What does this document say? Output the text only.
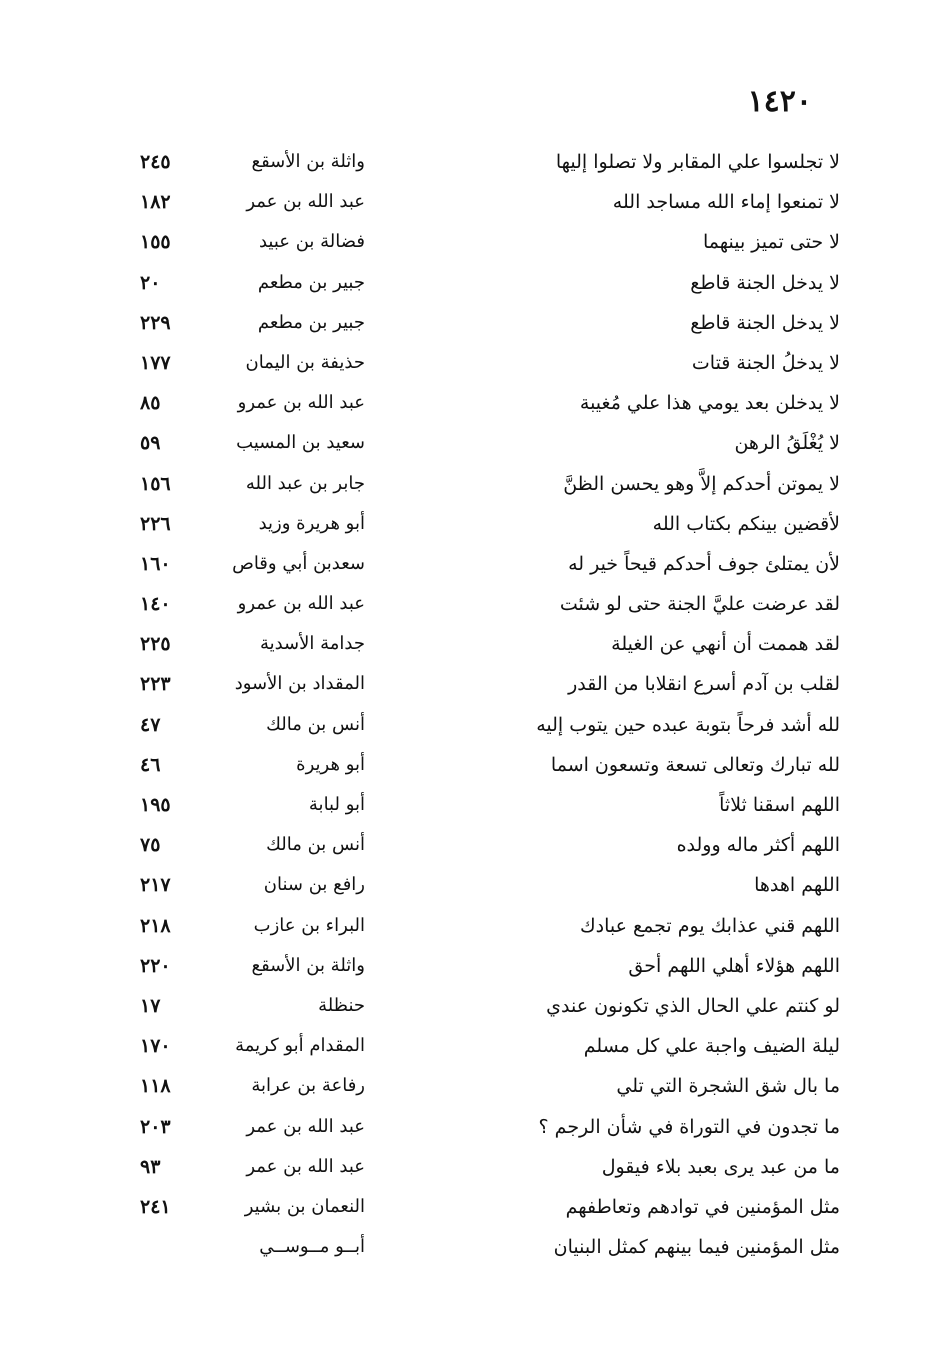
١٤٢٠
لا تجلسوا علي المقابر ولا تصلوا إليها
واثلة بن الأسقع
٢٤٥
لا تمنعوا إماء الله مساجد الله
عبد الله بن عمر
١٨٢
لا حتى تميز بينهما
فضالة بن عبيد
١٥٥
لا يدخل الجنة قاطع
جبير بن مطعم
٢٠
لا يدخل الجنة قاطع
جبير بن مطعم
٢٢٩
لا يدخلُ الجنة قتات
حذيفة بن اليمان
١٧٧
لا يدخلن بعد يومي هذا علي مُغيبة
عبد الله بن عمرو
٨٥
لا يُغْلَقُ الرهن
سعيد بن المسيب
٥٩
لا يموتن أحدكم إلاَّ وهو يحسن الظنَّ
جابر بن عبد الله
١٥٦
لأقضين بينكم بكتاب الله
أبو هريرة وزيد
٢٢٦
لأن يمتلئ جوف أحدكم قيحاً خير له
سعدبن أبي وقاص
١٦٠
لقد عرضت عليَّ الجنة حتى لو شئت
عبد الله بن عمرو
١٤٠
لقد هممت أن أنهي عن الغيلة
جدامة الأسدية
٢٢٥
لقلب بن آدم أسرع انقلابا من القدر
المقداد بن الأسود
٢٢٣
لله أشد فرحاً بتوبة عبده حين يتوب إليه
أنس بن مالك
٤٧
لله تبارك وتعالى تسعة وتسعون اسما
أبو هريرة
٤٦
اللهم اسقنا ثلاثاً
أبو لبابة
١٩٥
اللهم أكثر ماله وولده
أنس بن مالك
٧٥
اللهم اهدها
رافع بن سنان
٢١٧
اللهم قني عذابك يوم تجمع عبادك
البراء بن عازب
٢١٨
اللهم هؤلاء أهلي اللهم أحق
واثلة بن الأسقع
٢٢٠
لو كنتم علي الحال الذي تكونون عندي
حنظلة
١٧
ليلة الضيف واجبة علي كل مسلم
المقدام أبو كريمة
١٧٠
ما بال شق الشجرة التي تلي
رفاعة بن عرابة
١١٨
ما تجدون في التوراة في شأن الرجم ؟
عبد الله بن عمر
٢٠٣
ما من عبد يرى بعبد بلاء فيقول
عبد الله بن عمر
٩٣
مثل المؤمنين في توادهم وتعاطفهم
النعمان بن بشير
٢٤١
مثل المؤمنين فيما بينهم كمثل البنيان
أبــو مــوســي
